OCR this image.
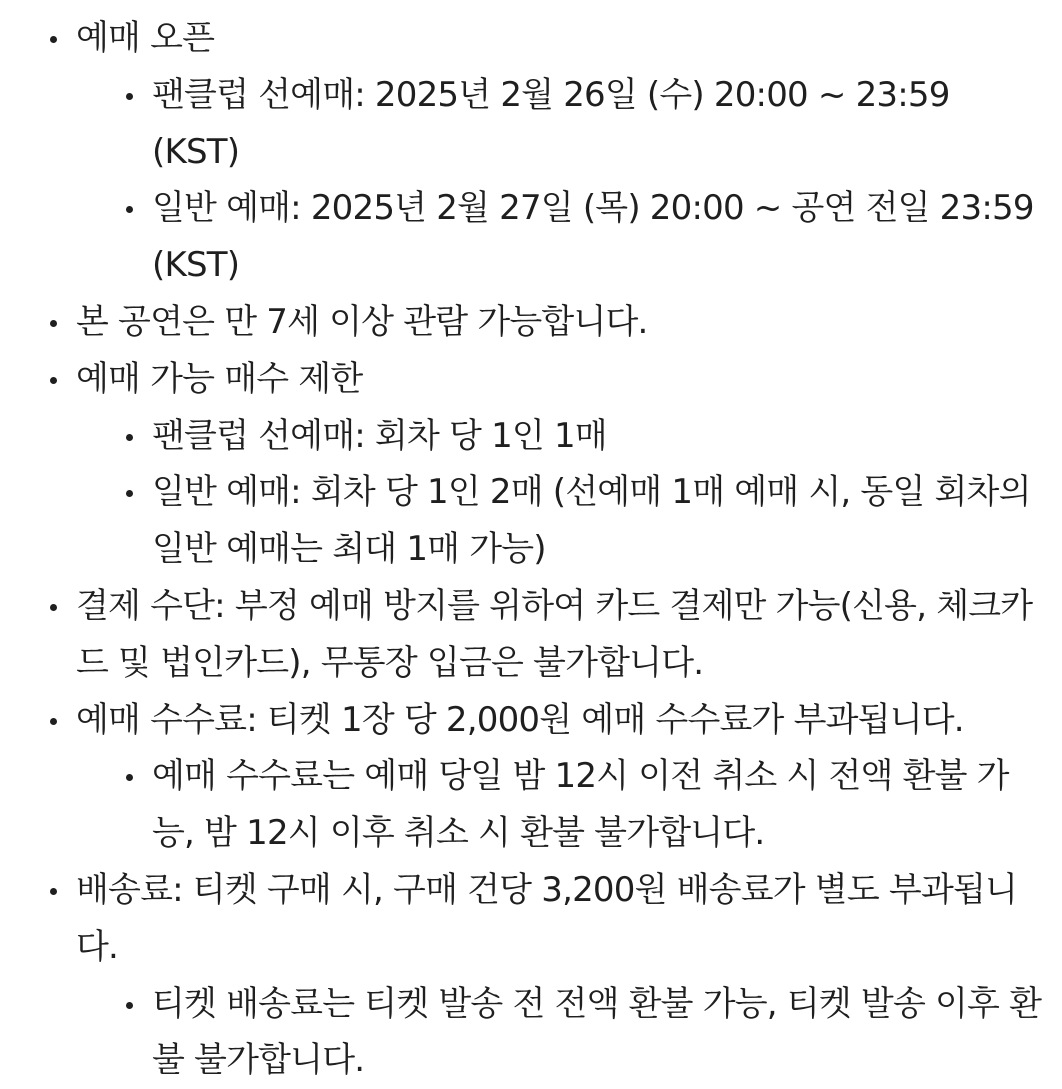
예매 오픈
팬클럽 선예매: 2025년 2월 26일 (수) 20:00 ~ 23:59 (KST)
일반 예매: 2025년 2월 27일 (목) 20:00 ~ 공연 전일 23:59 (KST)
본 공연은 만 7세 이상 관람 가능합니다.
예매 가능 매수 제한
팬클럽 선예매: 회차 당 1인 1매
일반 예매: 회차 당 1인 2매 (선예매 1매 예매 시, 동일 회차의 일반 예매는 최대 1매 가능)
결제 수단: 부정 예매 방지를 위하여 카드 결제만 가능(신용, 체크카드 및 법인카드), 무통장 입금은 불가합니다.
예매 수수료: 티켓 1장 당 2,000원 예매 수수료가 부과됩니다.
예매 수수료는 예매 당일 밤 12시 이전 취소 시 전액 환불 가능, 밤 12시 이후 취소 시 환불 불가합니다.
배송료: 티켓 구매 시, 구매 건당 3,200원 배송료가 별도 부과됩니다.
티켓 배송료는 티켓 발송 전 전액 환불 가능, 티켓 발송 이후 환불 불가합니다.
